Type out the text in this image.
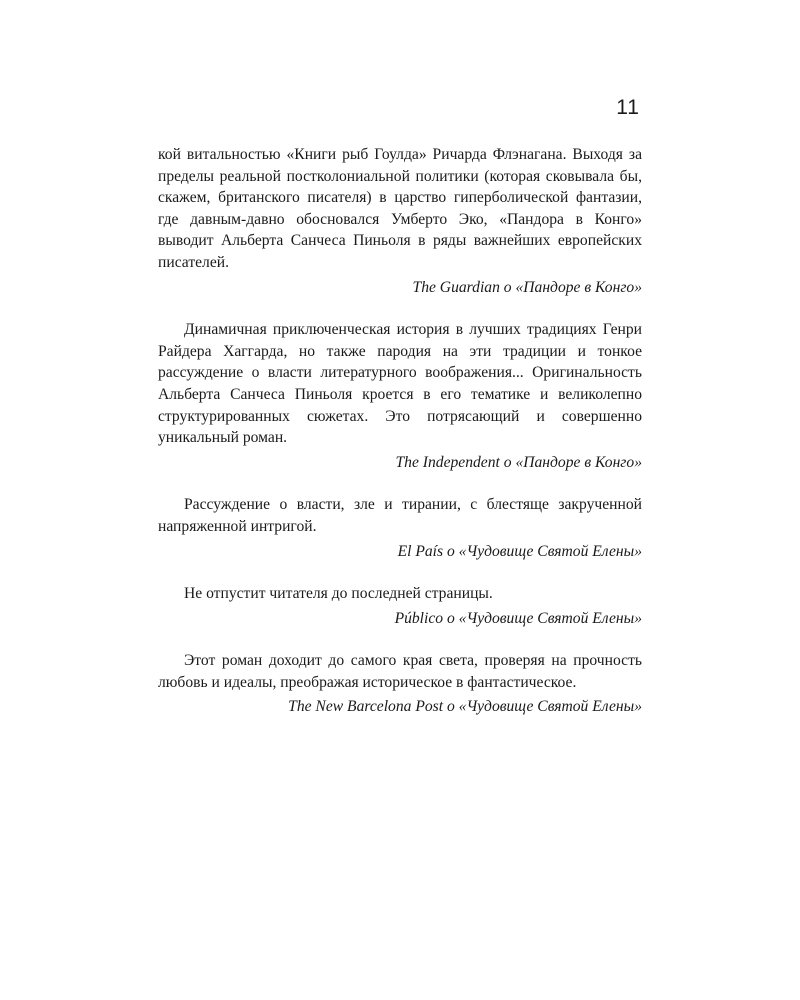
11

кой витальностью «Книги рыб Гоулда» Ричарда Флэнагана. Выходя за пределы реальной постколониальной политики (которая сковывала бы, скажем, британского писателя) в царство гиперболической фантазии, где давным-давно обосновался Умберто Эко, «Пандора в Конго» выводит Альберта Санчеса Пиньоля в ряды важнейших европейских писателей.

The Guardian о «Пандоре в Конго»

Динамичная приключенческая история в лучших традициях Генри Райдера Хаггарда, но также пародия на эти традиции и тонкое рассуждение о власти литературного воображения... Оригинальность Альберта Санчеса Пиньоля кроется в его тематике и великолепно структурированных сюжетах. Это потрясающий и совершенно уникальный роман.

The Independent о «Пандоре в Конго»

Рассуждение о власти, зле и тирании, с блестяще закрученной напряженной интригой.

El País о «Чудовище Святой Елены»

Не отпустит читателя до последней страницы.

Público о «Чудовище Святой Елены»

Этот роман доходит до самого края света, проверяя на прочность любовь и идеалы, преображая историческое в фантастическое.

The New Barcelona Post о «Чудовище Святой Елены»
